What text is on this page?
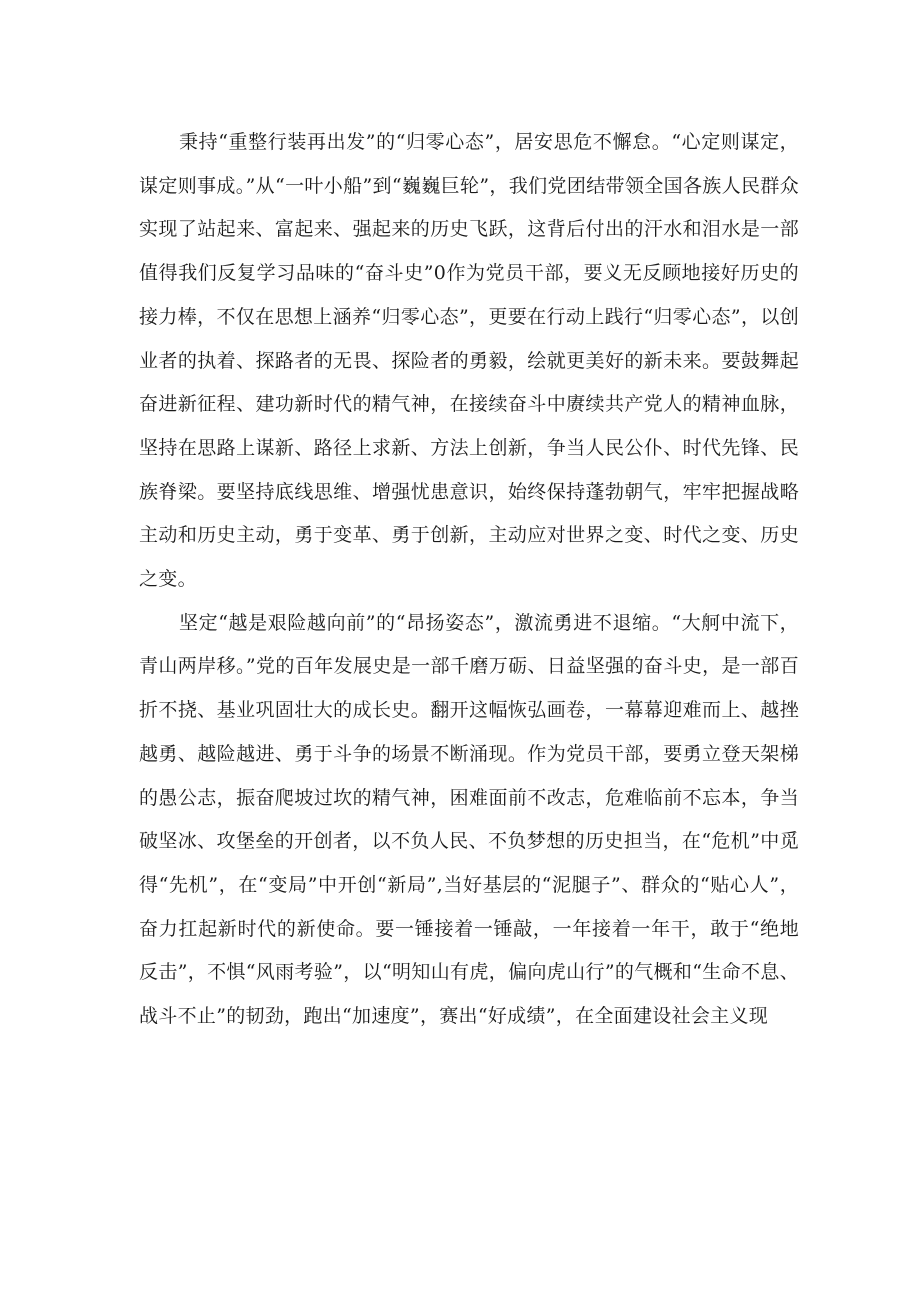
秉持“重整行装再出发”的“归零心态”，居安思危不懈怠。“心定则谋定，谋定则事成。”从“一叶小船”到“巍巍巨轮”，我们党团结带领全国各族人民群众实现了站起来、富起来、强起来的历史飞跃，这背后付出的汗水和泪水是一部值得我们反复学习品味的“奋斗史”0作为党员干部，要义无反顾地接好历史的接力棒，不仅在思想上涵养“归零心态”，更要在行动上践行“归零心态”，以创业者的执着、探路者的无畏、探险者的勇毅，绘就更美好的新未来。要鼓舞起奋进新征程、建功新时代的精气神，在接续奋斗中赓续共产党人的精神血脉，坚持在思路上谋新、路径上求新、方法上创新，争当人民公仆、时代先锋、民族脊梁。要坚持底线思维、增强忧患意识，始终保持蓬勃朝气，牢牢把握战略主动和历史主动，勇于变革、勇于创新，主动应对世界之变、时代之变、历史之变。

坚定“越是艰险越向前”的“昂扬姿态”，激流勇进不退缩。“大舸中流下，青山两岸移。”党的百年发展史是一部千磨万砺、日益坚强的奋斗史，是一部百折不挠、基业巩固壮大的成长史。翻开这幅恢弘画卷，一幕幕迎难而上、越挫越勇、越险越进、勇于斗争的场景不断涌现。作为党员干部，要勇立登天架梯的愚公志，振奋爬坡过坎的精气神，困难面前不改志，危难临前不忘本，争当破坚冰、攻堡垒的开创者，以不负人民、不负梦想的历史担当，在“危机”中觅得“先机”，在“变局”中开创“新局”,当好基层的“泥腿子”、群众的“贴心人”，奋力扛起新时代的新使命。要一锤接着一锤敲，一年接着一年干，敢于“绝地反击”，不惧“风雨考验”，以“明知山有虎，偏向虎山行”的气概和“生命不息、战斗不止”的韧劲，跑出“加速度”，赛出“好成绩”，在全面建设社会主义现
